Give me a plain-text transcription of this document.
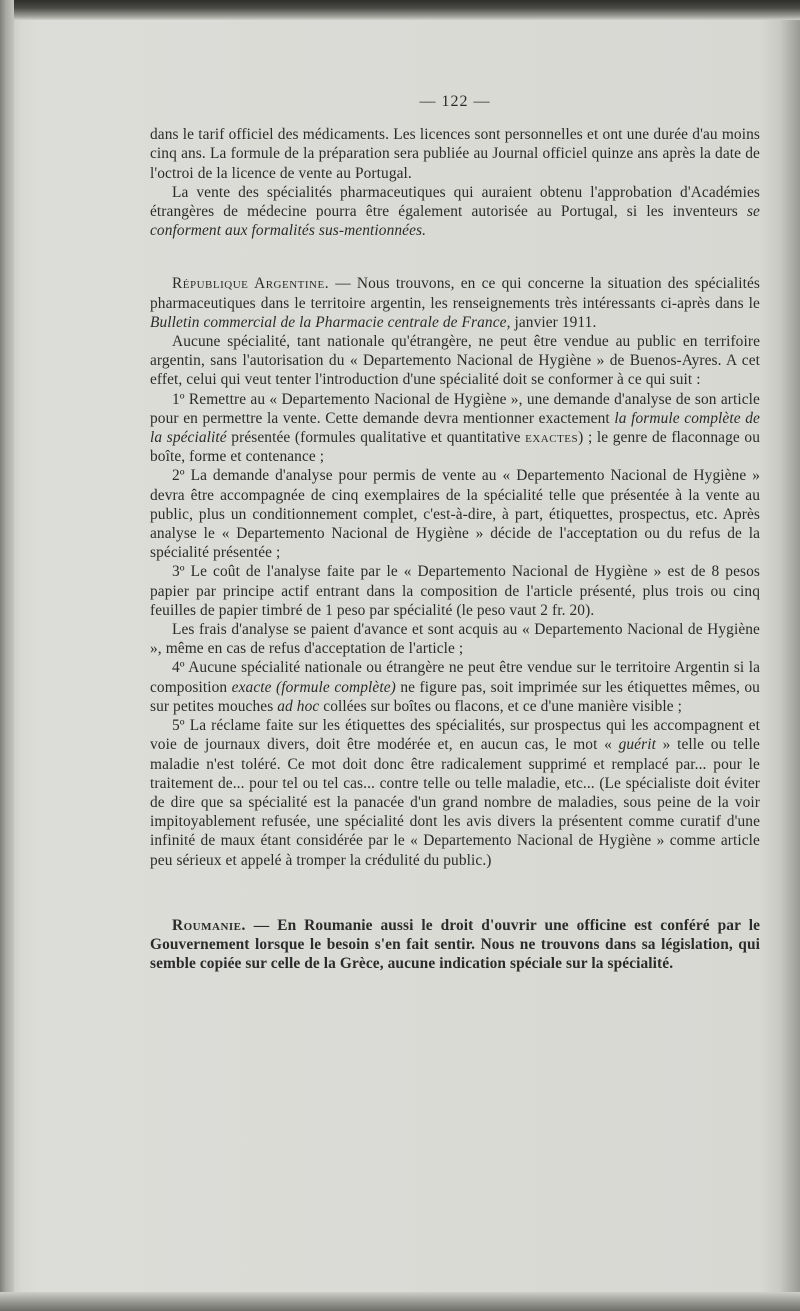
— 122 —

dans le tarif officiel des médicaments. Les licences sont personnelles et ont une durée d'au moins cinq ans. La formule de la préparation sera publiée au Journal officiel quinze ans après la date de l'octroi de la licence de vente au Portugal.

La vente des spécialités pharmaceutiques qui auraient obtenu l'approbation d'Académies étrangères de médecine pourra être également autorisée au Portugal, si les inventeurs se conforment aux formalités sus-mentionnées.

République Argentine. — Nous trouvons, en ce qui concerne la situation des spécialités pharmaceutiques dans le territoire argentin, les renseignements très intéressants ci-après dans le Bulletin commercial de la Pharmacie centrale de France, janvier 1911.

Aucune spécialité, tant nationale qu'étrangère, ne peut être vendue au public en terrifoire argentin, sans l'autorisation du « Departemento Nacional de Hygiène » de Buenos-Ayres. A cet effet, celui qui veut tenter l'introduction d'une spécialité doit se conformer à ce qui suit :

1º Remettre au « Departemento Nacional de Hygiène », une demande d'analyse de son article pour en permettre la vente. Cette demande devra mentionner exactement la formule complète de la spécialité présentée (formules qualitative et quantitative exactes) ; le genre de flaconnage ou boîte, forme et contenance ;

2º La demande d'analyse pour permis de vente au « Departemento Nacional de Hygiène » devra être accompagnée de cinq exemplaires de la spécialité telle que présentée à la vente au public, plus un conditionnement complet, c'est-à-dire, à part, étiquettes, prospectus, etc. Après analyse le « Departemento Nacional de Hygiène » décide de l'acceptation ou du refus de la spécialité présentée ;

3º Le coût de l'analyse faite par le « Departemento Nacional de Hygiène » est de 8 pesos papier par principe actif entrant dans la composition de l'article présenté, plus trois ou cinq feuilles de papier timbré de 1 peso par spécialité (le peso vaut 2 fr. 20).

Les frais d'analyse se paient d'avance et sont acquis au « Departemento Nacional de Hygiène », même en cas de refus d'acceptation de l'article ;

4º Aucune spécialité nationale ou étrangère ne peut être vendue sur le territoire Argentin si la composition exacte (formule complète) ne figure pas, soit imprimée sur les étiquettes mêmes, ou sur petites mouches ad hoc collées sur boîtes ou flacons, et ce d'une manière visible ;

5º La réclame faite sur les étiquettes des spécialités, sur prospectus qui les accompagnent et voie de journaux divers, doit être modérée et, en aucun cas, le mot « guérit » telle ou telle maladie n'est toléré. Ce mot doit donc être radicalement supprimé et remplacé par... pour le traitement de... pour tel ou tel cas... contre telle ou telle maladie, etc... (Le spécialiste doit éviter de dire que sa spécialité est la panacée d'un grand nombre de maladies, sous peine de la voir impitoyablement refusée, une spécialité dont les avis divers la présentent comme curatif d'une infinité de maux étant considérée par le « Departemento Nacional de Hygiène » comme article peu sérieux et appelé à tromper la crédulité du public.)

Roumanie. — En Roumanie aussi le droit d'ouvrir une officine est conféré par le Gouvernement lorsque le besoin s'en fait sentir. Nous ne trouvons dans sa législation, qui semble copiée sur celle de la Grèce, aucune indication spéciale sur la spécialité.
